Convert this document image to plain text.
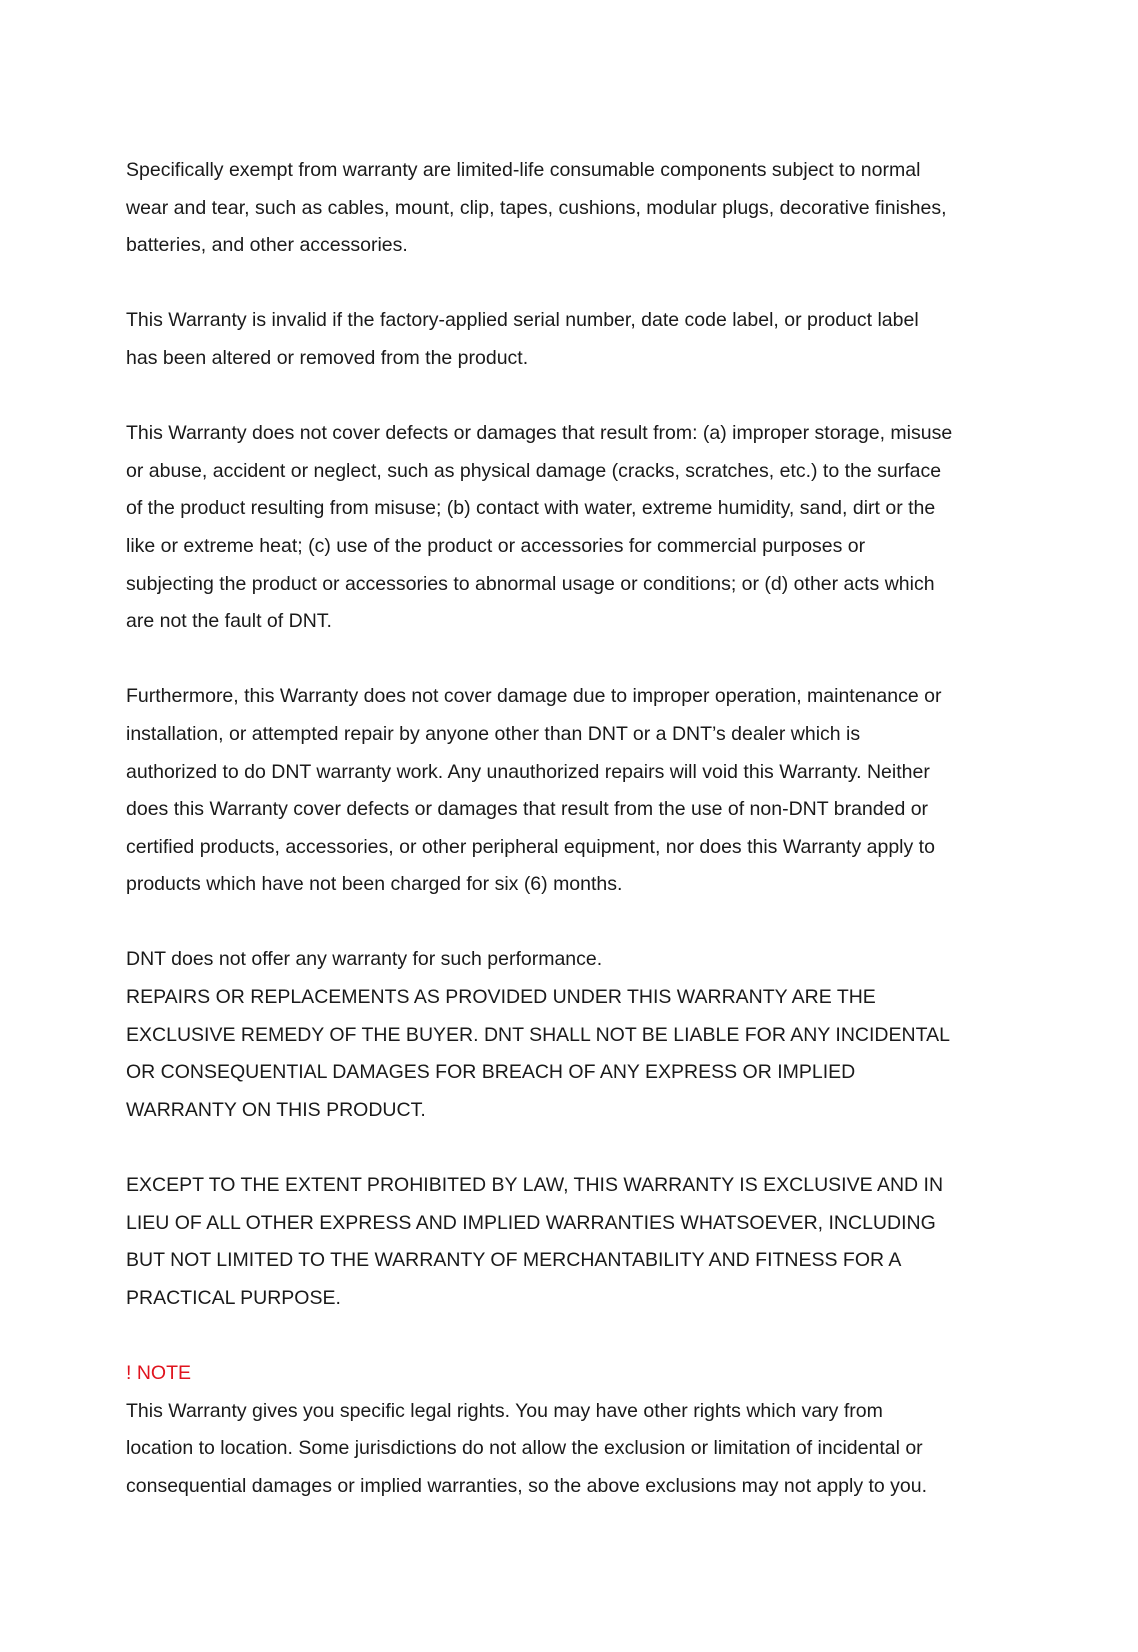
Specifically exempt from warranty are limited-life consumable components subject to normal
wear and tear, such as cables, mount, clip, tapes, cushions, modular plugs, decorative finishes,
batteries, and other accessories.

This Warranty is invalid if the factory-applied serial number, date code label, or product label
has been altered or removed from the product.

This Warranty does not cover defects or damages that result from: (a) improper storage, misuse
or abuse, accident or neglect, such as physical damage (cracks, scratches, etc.) to the surface
of the product resulting from misuse; (b) contact with water, extreme humidity, sand, dirt or the
like or extreme heat; (c) use of the product or accessories for commercial purposes or
subjecting the product or accessories to abnormal usage or conditions; or (d) other acts which
are not the fault of DNT.

Furthermore, this Warranty does not cover damage due to improper operation, maintenance or
installation, or attempted repair by anyone other than DNT or a DNT’s dealer which is
authorized to do DNT warranty work. Any unauthorized repairs will void this Warranty. Neither
does this Warranty cover defects or damages that result from the use of non-DNT branded or
certified products, accessories, or other peripheral equipment, nor does this Warranty apply to
products which have not been charged for six (6) months.

DNT does not offer any warranty for such performance.
REPAIRS OR REPLACEMENTS AS PROVIDED UNDER THIS WARRANTY ARE THE
EXCLUSIVE REMEDY OF THE BUYER. DNT SHALL NOT BE LIABLE FOR ANY INCIDENTAL
OR CONSEQUENTIAL DAMAGES FOR BREACH OF ANY EXPRESS OR IMPLIED
WARRANTY ON THIS PRODUCT.

EXCEPT TO THE EXTENT PROHIBITED BY LAW, THIS WARRANTY IS EXCLUSIVE AND IN
LIEU OF ALL OTHER EXPRESS AND IMPLIED WARRANTIES WHATSOEVER, INCLUDING
BUT NOT LIMITED TO THE WARRANTY OF MERCHANTABILITY AND FITNESS FOR A
PRACTICAL PURPOSE.

! NOTE

This Warranty gives you specific legal rights. You may have other rights which vary from
location to location. Some jurisdictions do not allow the exclusion or limitation of incidental or
consequential damages or implied warranties, so the above exclusions may not apply to you.
